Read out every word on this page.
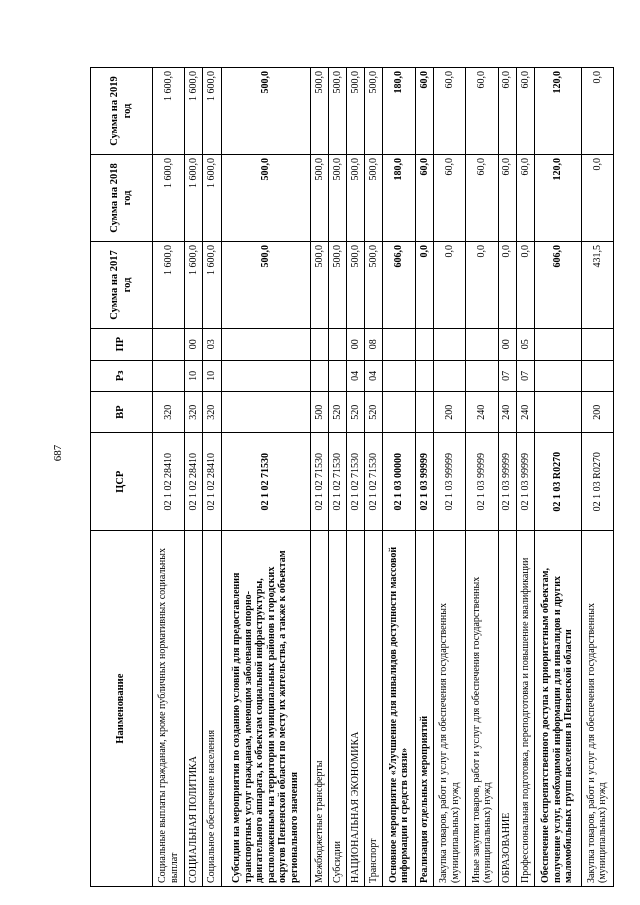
687
Наименование	ЦСР	ВР	Рз	ПР	Сумма на 2017 год	Сумма на 2018 год	Сумма на 2019 год
Социальные выплаты гражданам, кроме публичных нормативных социальных выплат	02 1 02 28410	320			1 600,0	1 600,0	1 600,0
СОЦИАЛЬНАЯ ПОЛИТИКА	02 1 02 28410	320	10	00	1 600,0	1 600,0	1 600,0
Социальное обеспечение населения	02 1 02 28410	320	10	03	1 600,0	1 600,0	1 600,0
Субсидии на мероприятия по созданию условий для предоставления транспортных услуг гражданам, имеющим заболевания опорно-двигательного аппарата, к объектам социальной инфраструктуры, расположенным на территории муниципальных районов и городских округов Пензенской области по месту их жительства, а также к объектам регионального значения	02 1 02 71530				500,0	500,0	500,0
Межбюджетные трансферты	02 1 02 71530	500			500,0	500,0	500,0
Субсидии	02 1 02 71530	520			500,0	500,0	500,0
НАЦИОНАЛЬНАЯ ЭКОНОМИКА	02 1 02 71530	520	04	00	500,0	500,0	500,0
Транспорт	02 1 02 71530	520	04	08	500,0	500,0	500,0
Основное мероприятие «Улучшение для инвалидов доступности массовой информации и средств связи»	02 1 03 00000				606,0	180,0	180,0
Реализация отдельных мероприятий	02 1 03 99999				0,0	60,0	60,0
Закупка товаров, работ и услуг для обеспечения государственных (муниципальных) нужд	02 1 03 99999	200			0,0	60,0	60,0
Иные закупки товаров, работ и услуг для обеспечения государственных (муниципальных) нужд	02 1 03 99999	240			0,0	60,0	60,0
ОБРАЗОВАНИЕ	02 1 03 99999	240	07	00	0,0	60,0	60,0
Профессиональная подготовка, переподготовка и повышение квалификации	02 1 03 99999	240	07	05	0,0	60,0	60,0
Обеспечение беспрепятственного доступа к приоритетным объектам, получение услуг, необходимой информации для инвалидов и других маломобильных групп населения в Пензенской области	02 1 03 R0270				606,0	120,0	120,0
Закупка товаров, работ и услуг для обеспечения государственных (муниципальных) нужд	02 1 03 R0270	200			431,5	0,0	0,0
